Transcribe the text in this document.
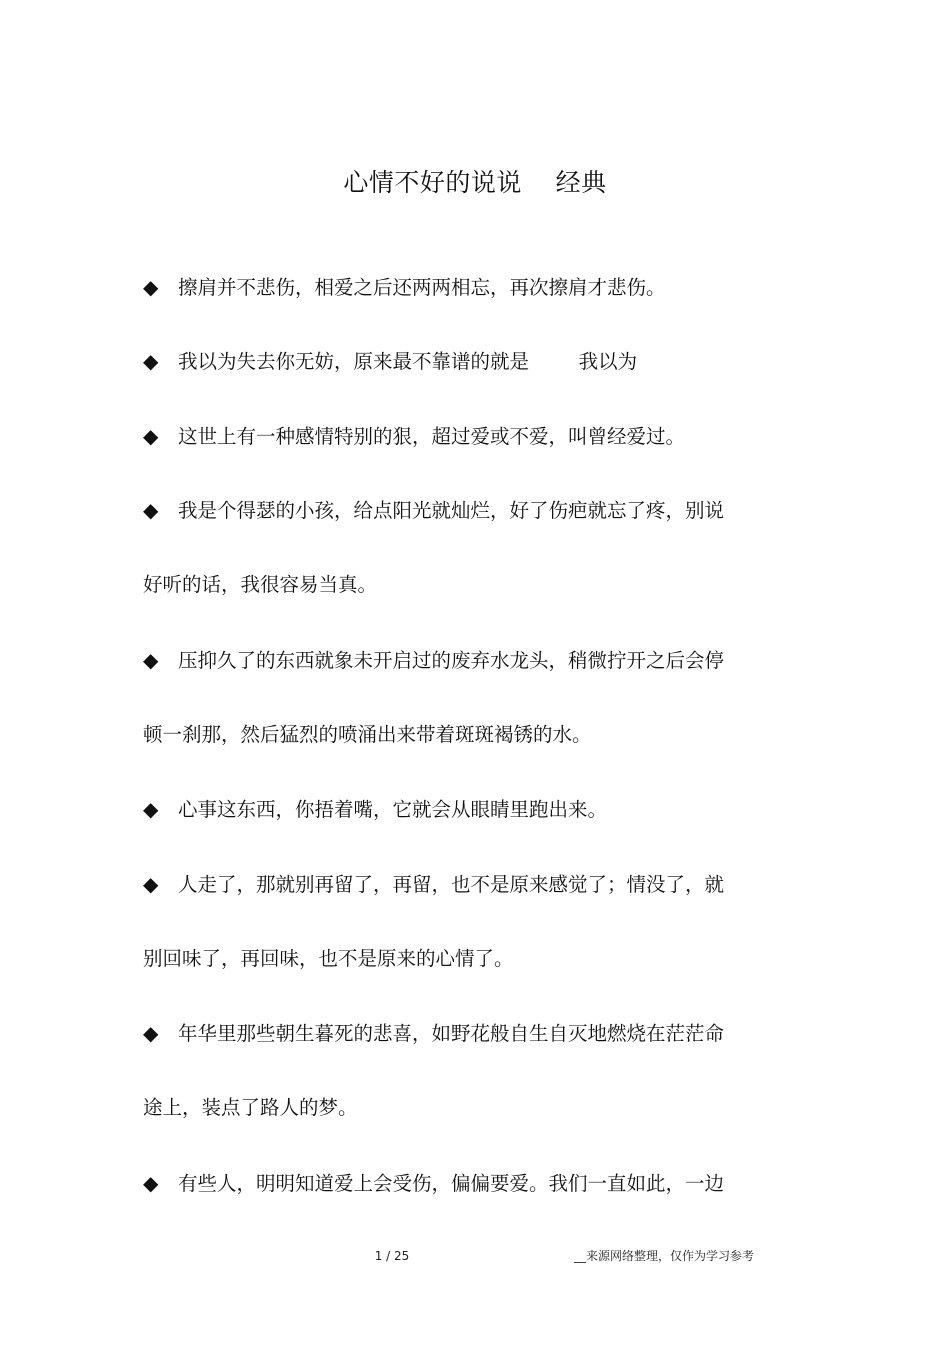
心情不好的说说    经典
◆ 擦肩并不悲伤，相爱之后还两两相忘，再次擦肩才悲伤。
◆ 我以为失去你无妨，原来最不靠谱的就是        我以为
◆ 这世上有一种感情特别的狠，超过爱或不爱，叫曾经爱过。
◆ 我是个得瑟的小孩，给点阳光就灿烂，好了伤疤就忘了疼，别说
好听的话，我很容易当真。
◆ 压抑久了的东西就象未开启过的废弃水龙头，稍微拧开之后会停
顿一刹那，然后猛烈的喷涌出来带着斑斑褐锈的水。
◆ 心事这东西，你捂着嘴，它就会从眼睛里跑出来。
◆ 人走了，那就别再留了，再留，也不是原来感觉了；情没了，就
别回味了，再回味，也不是原来的心情了。
◆ 年华里那些朝生暮死的悲喜，如野花般自生自灭地燃烧在茫茫命
途上，装点了路人的梦。
◆ 有些人，明明知道爱上会受伤，偏偏要爱。我们一直如此，一边
1 / 25	__来源网络整理，仅作为学习参考
